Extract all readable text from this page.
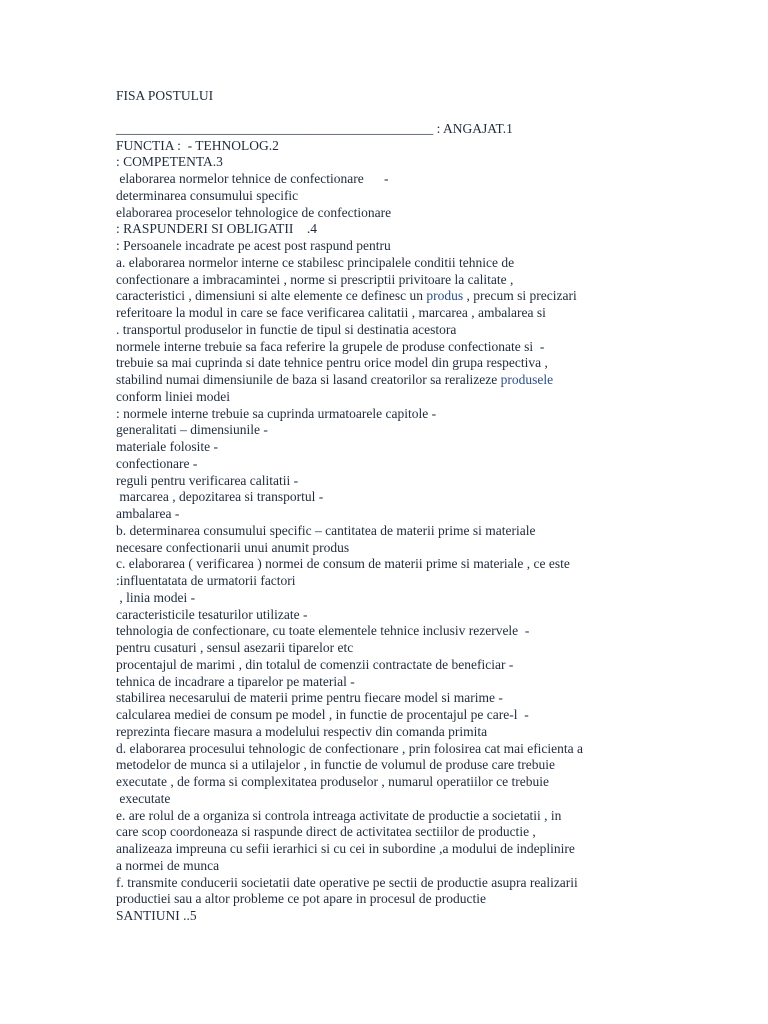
FISA POSTULUI
_______________________________________________ : ANGAJAT.1
FUNCTIA :  - TEHNOLOG.2
: COMPETENTA.3
elaborarea normelor tehnice de confectionare      -
determinarea consumului specific
elaborarea proceselor tehnologice de confectionare
: RASPUNDERI SI OBLIGATII    .4
: Persoanele incadrate pe acest post raspund pentru
a. elaborarea normelor interne ce stabilesc principalele conditii tehnice de
confectionare a imbracamintei , norme si prescriptii privitoare la calitate ,
caracteristici , dimensiuni si alte elemente ce definesc un produs , precum si precizari
referitoare la modul in care se face verificarea calitatii , marcarea , ambalarea si
. transportul produselor in functie de tipul si destinatia acestora
normele interne trebuie sa faca referire la grupele de produse confectionate si  -
trebuie sa mai cuprinda si date tehnice pentru orice model din grupa respectiva ,
stabilind numai dimensiunile de baza si lasand creatorilor sa reralizeze produsele
conform liniei modei
: normele interne trebuie sa cuprinda urmatoarele capitole -
generalitati – dimensiunile -
materiale folosite -
confectionare -
reguli pentru verificarea calitatii -
marcarea , depozitarea si transportul -
ambalarea -
b. determinarea consumului specific – cantitatea de materii prime si materiale
necesare confectionarii unui anumit produs
c. elaborarea ( verificarea ) normei de consum de materii prime si materiale , ce este
:influentatata de urmatorii factori
, linia modei -
caracteristicile tesaturilor utilizate -
tehnologia de confectionare, cu toate elementele tehnice inclusiv rezervele  -
pentru cusaturi , sensul asezarii tiparelor etc
procentajul de marimi , din totalul de comenzii contractate de beneficiar -
tehnica de incadrare a tiparelor pe material -
stabilirea necesarului de materii prime pentru fiecare model si marime -
calcularea mediei de consum pe model , in functie de procentajul pe care-l  -
reprezinta fiecare masura a modelului respectiv din comanda primita
d. elaborarea procesului tehnologic de confectionare , prin folosirea cat mai eficienta a
metodelor de munca si a utilajelor , in functie de volumul de produse care trebuie
executate , de forma si complexitatea produselor , numarul operatiilor ce trebuie
executate
e. are rolul de a organiza si controla intreaga activitate de productie a societatii , in
care scop coordoneaza si raspunde direct de activitatea sectiilor de productie ,
analizeaza impreuna cu sefii ierarhici si cu cei in subordine ,a modului de indeplinire
a normei de munca
f. transmite conducerii societatii date operative pe sectii de productie asupra realizarii
productiei sau a altor probleme ce pot apare in procesul de productie
SANTIUNI ..5
